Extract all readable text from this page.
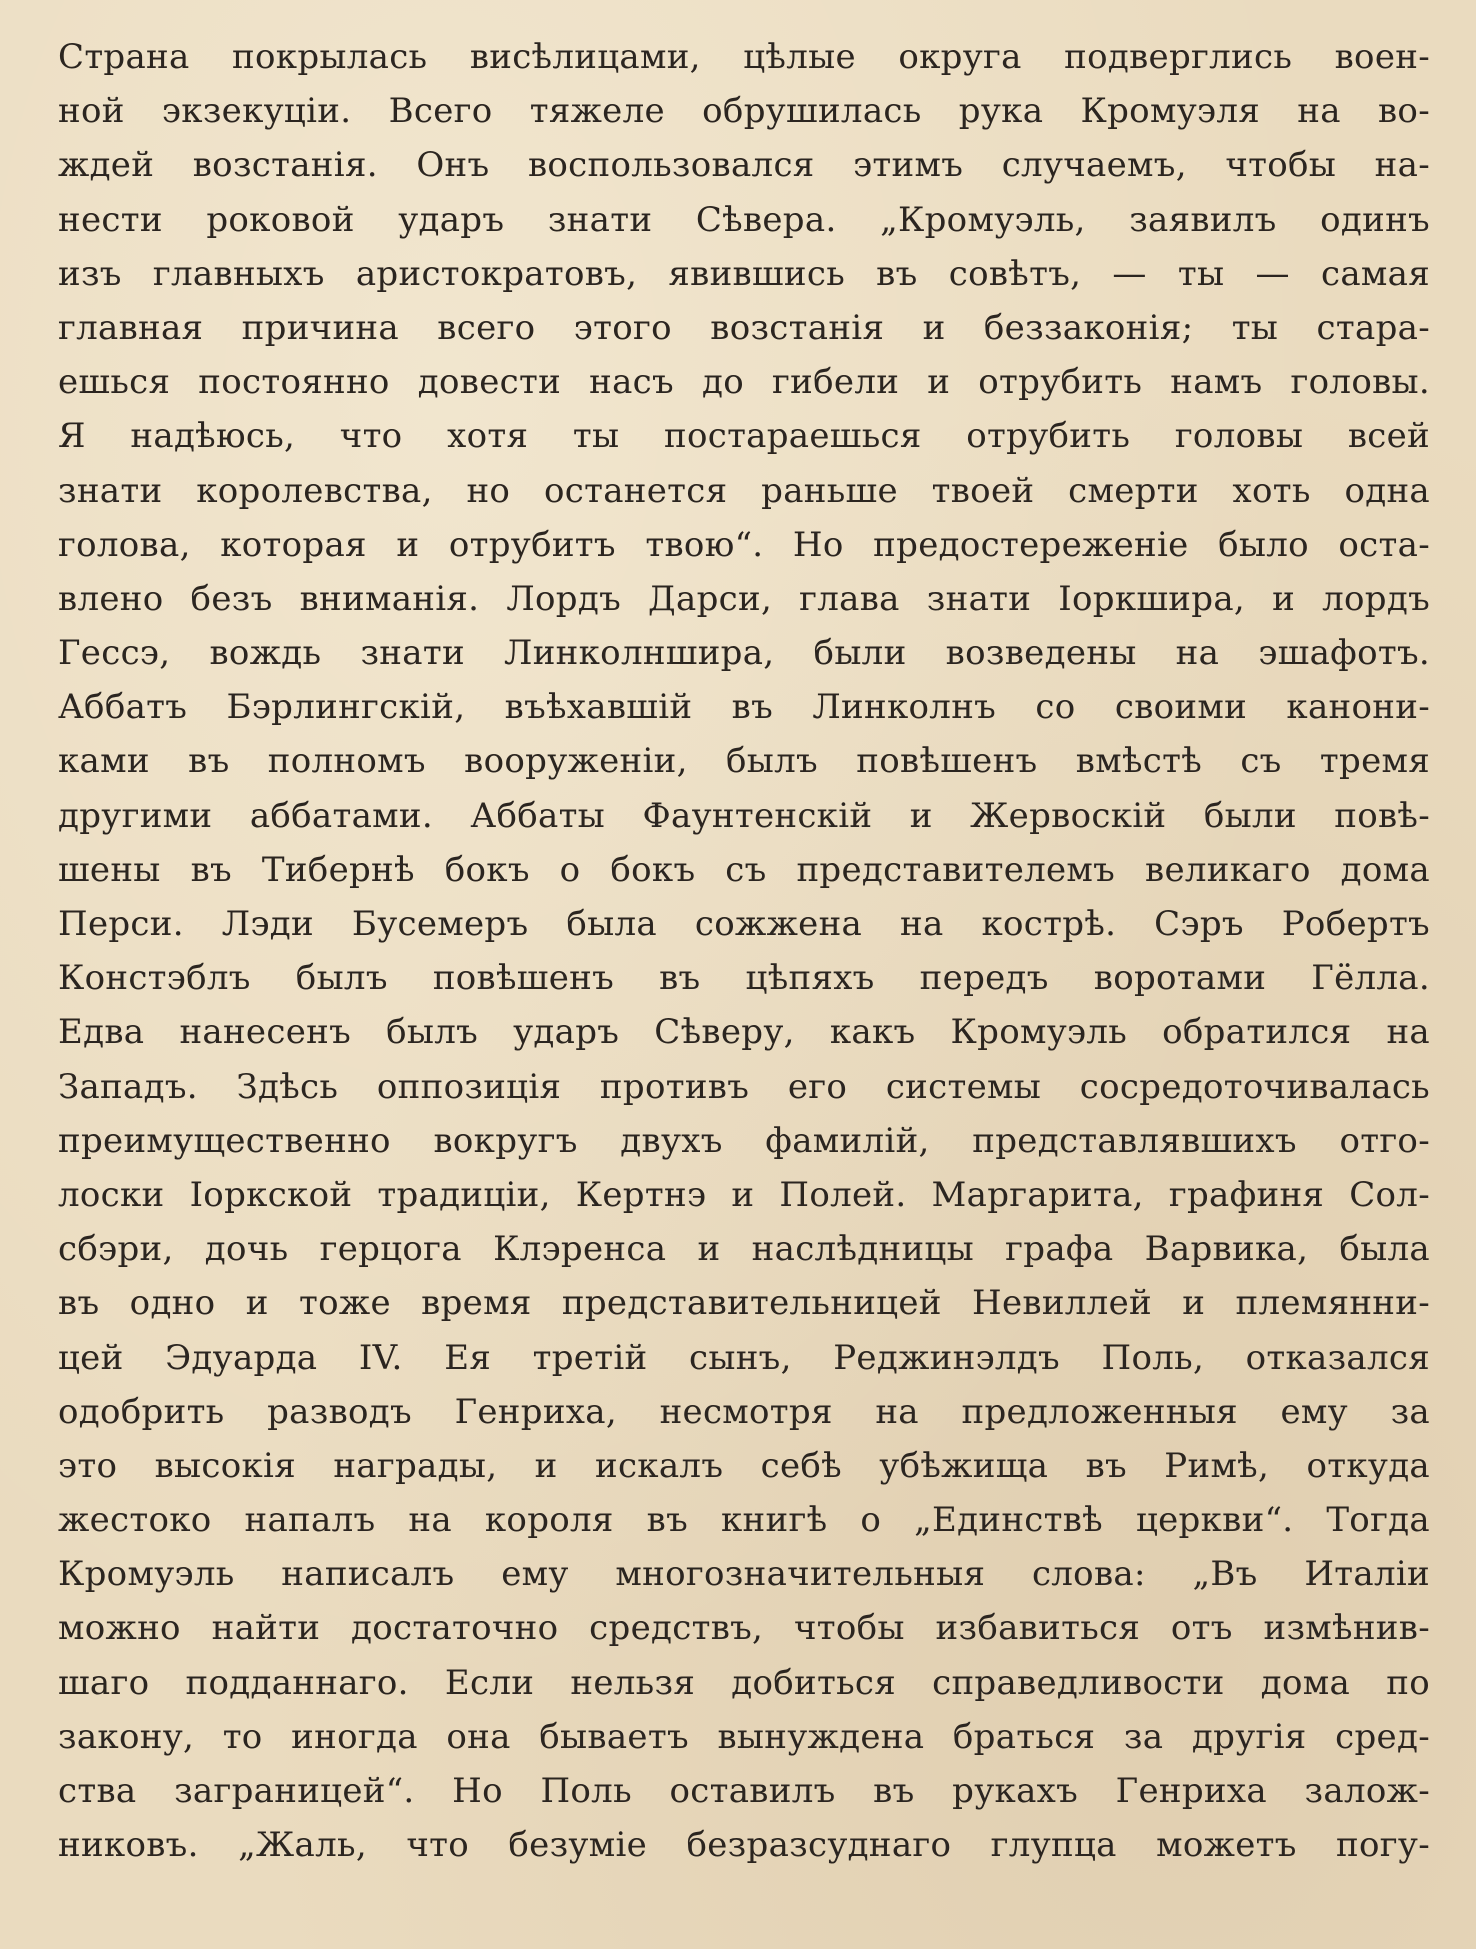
Страна покрылась висѣлицами, цѣлые округа подверглись воен-
ной экзекуціи. Всего тяжеле обрушилась рука Кромуэля на во-
ждей возстанія. Онъ воспользовался этимъ случаемъ, чтобы на-
нести роковой ударъ знати Сѣвера. „Кромуэль, заявилъ одинъ
изъ главныхъ аристократовъ, явившись въ совѣтъ, — ты — самая
главная причина всего этого возстанія и беззаконія; ты стара-
ешься постоянно довести насъ до гибели и отрубить намъ головы.
Я надѣюсь, что хотя ты постараешься отрубить головы всей
знати королевства, но останется раньше твоей смерти хоть одна
голова, которая и отрубитъ твою“. Но предостереженіе было оста-
влено безъ вниманія. Лордъ Дарси, глава знати Іоркшира, и лордъ
Гессэ, вождь знати Линколншира, были возведены на эшафотъ.
Аббатъ Бэрлингскій, въѣхавшій въ Линколнъ со своими канони-
ками въ полномъ вооруженіи, былъ повѣшенъ вмѣстѣ съ тремя
другими аббатами. Аббаты Фаунтенскій и Жервоскій были повѣ-
шены въ Тибернѣ бокъ о бокъ съ представителемъ великаго дома
Перси. Лэди Бусемеръ была сожжена на кострѣ. Сэръ Робертъ
Констэблъ былъ повѣшенъ въ цѣпяхъ передъ воротами Гёлла.
Едва нанесенъ былъ ударъ Сѣверу, какъ Кромуэль обратился на
Западъ. Здѣсь оппозиція противъ его системы сосредоточивалась
преимущественно вокругъ двухъ фамилій, представлявшихъ отго-
лоски Іоркской традиціи, Кертнэ и Полей. Маргарита, графиня Сол-
сбэри, дочь герцога Клэренса и наслѣдницы графа Варвика, была
въ одно и тоже время представительницей Невиллей и племянни-
цей Эдуарда IV. Ея третій сынъ, Реджинэлдъ Поль, отказался
одобрить разводъ Генриха, несмотря на предложенныя ему за
это высокія награды, и искалъ себѣ убѣжища въ Римѣ, откуда
жестоко напалъ на короля въ книгѣ о „Единствѣ церкви“. Тогда
Кромуэль написалъ ему многозначительныя слова: „Въ Италіи
можно найти достаточно средствъ, чтобы избавиться отъ измѣнив-
шаго подданнаго. Если нельзя добиться справедливости дома по
закону, то иногда она бываетъ вынуждена браться за другія сред-
ства заграницей“. Но Поль оставилъ въ рукахъ Генриха залож-
никовъ. „Жаль, что безуміе безразсуднаго глупца можетъ погу-
